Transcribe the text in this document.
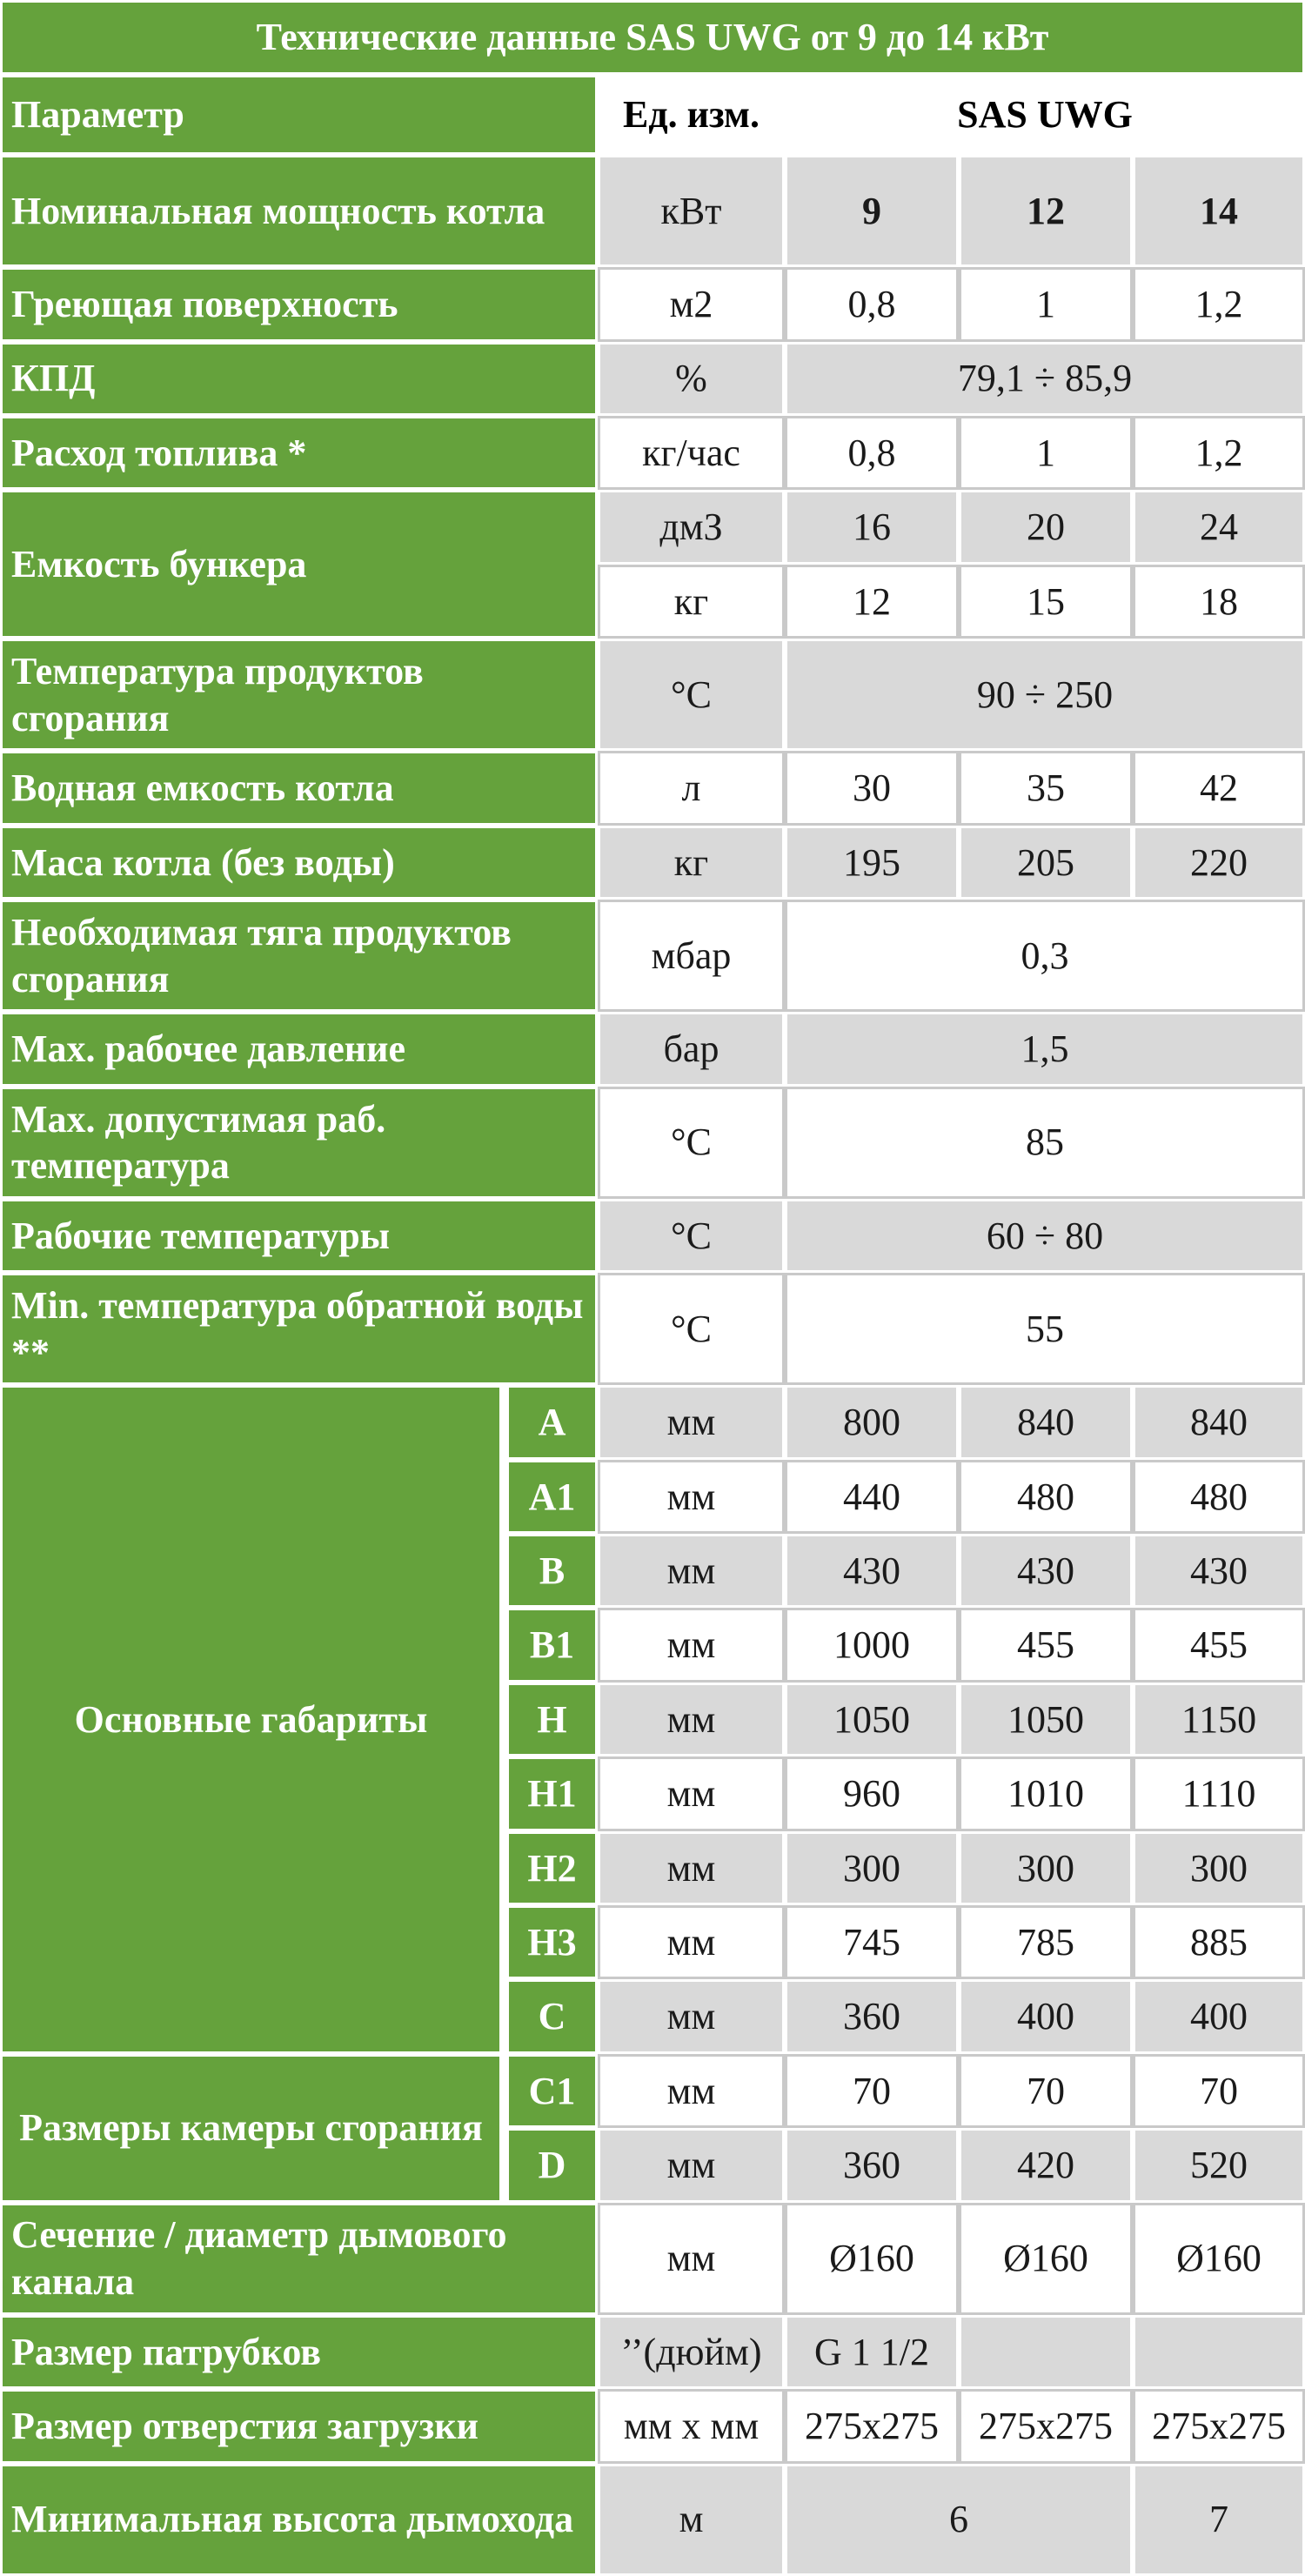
Технические данные SAS UWG от 9 до 14 кВт					
Параметр		Ед. изм.	SAS UWG		
Номинальная мощность котла		кВт	9	12	14
Греющая поверхность		м2	0,8	1	1,2
КПД		%	79,1 ÷ 85,9		
Расход топлива *		кг/час	0,8	1	1,2
Емкость бункера		дмЗ	16	20	24
		кг	12	15	18
Температура продуктов сгорания		°C	90 ÷ 250		
Водная емкость котла		л	30	35	42
Маса котла (без воды)		кг	195	205	220
Необходимая тяга продуктов сгорания		мбар	0,3		
Max. рабочее давление		бар	1,5		
Max. допустимая раб. температура		°C	85		
Рабочие температуры		°C	60 ÷ 80		
Min. температура обратной воды **		°C	55		
Основные габариты	A	мм	800	840	840
	A1	мм	440	480	480
	B	мм	430	430	430
	B1	мм	1000	455	455
	H	мм	1050	1050	1150
	H1	мм	960	1010	1110
	H2	мм	300	300	300
	H3	мм	745	785	885
	C	мм	360	400	400
Размеры камеры сгорания	C1	мм	70	70	70
	D	мм	360	420	520
Сечение / диаметр дымового канала		мм	Ø160	Ø160	Ø160
Размер патрубков		’’(дюйм)	G 1 1/2		
Размер отверстия загрузки		мм x мм	275x275	275x275	275x275
Минимальная высота дымохода		м	6		7
